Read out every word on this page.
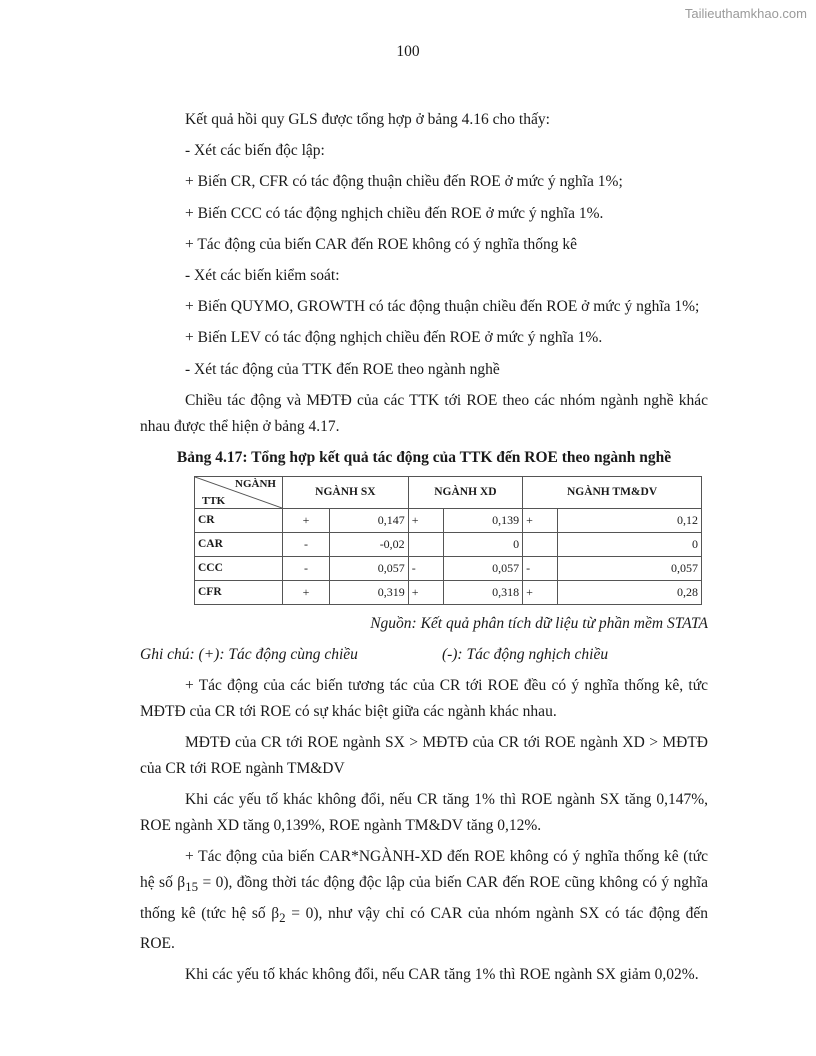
Tailieuthamkhao.com
100

Kết quả hồi quy GLS được tổng hợp ở bảng 4.16 cho thấy:

- Xét các biến độc lập:

+ Biến CR, CFR có tác động thuận chiều đến ROE ở mức ý nghĩa 1%;

+ Biến CCC có tác động nghịch chiều đến ROE ở mức ý nghĩa 1%.

+ Tác động của biến CAR đến ROE không có ý nghĩa thống kê

- Xét các biến kiểm soát:

+ Biến QUYMO, GROWTH có tác động thuận chiều đến ROE ở mức ý nghĩa 1%;

+ Biến LEV có tác động nghịch chiều đến ROE ở mức ý nghĩa 1%.

- Xét tác động của TTK đến ROE theo ngành nghề

Chiều tác động và MĐTĐ của các TTK tới ROE theo các nhóm ngành nghề khác nhau được thể hiện ở bảng 4.17.

Bảng 4.17: Tổng hợp kết quả tác động của TTK đến ROE theo ngành nghề

NGÀNH
TTK	NGÀNH SX		NGÀNH XD		NGÀNH TM&DV	
CR	+	0,147	+	0,139	+	0,12
CAR	-	-0,02		0		0
CCC	-	0,057	-	0,057	-	0,057
CFR	+	0,319	+	0,318	+	0,28

Nguồn: Kết quả phân tích dữ liệu từ phần mềm STATA

Ghi chú: (+): Tác động cùng chiều	(-): Tác động nghịch chiều

+ Tác động của các biến tương tác của CR tới ROE đều có ý nghĩa thống kê, tức MĐTĐ của CR tới ROE có sự khác biệt giữa các ngành khác nhau.

MĐTĐ của CR tới ROE ngành SX > MĐTĐ của CR tới ROE ngành XD > MĐTĐ của CR tới ROE ngành TM&DV

Khi các yếu tố khác không đổi, nếu CR tăng 1% thì ROE ngành SX tăng 0,147%, ROE ngành XD tăng 0,139%, ROE ngành TM&DV tăng 0,12%.

+ Tác động của biến CAR*NGÀNH-XD đến ROE không có ý nghĩa thống kê (tức hệ số $\beta_{15} = 0$), đồng thời tác động độc lập của biến CAR đến ROE cũng không có ý nghĩa thống kê (tức hệ số $\beta_2 = 0$), như vậy chỉ có CAR của nhóm ngành SX có tác động đến ROE.

Khi các yếu tố khác không đổi, nếu CAR tăng 1% thì ROE ngành SX giảm 0,02%.
